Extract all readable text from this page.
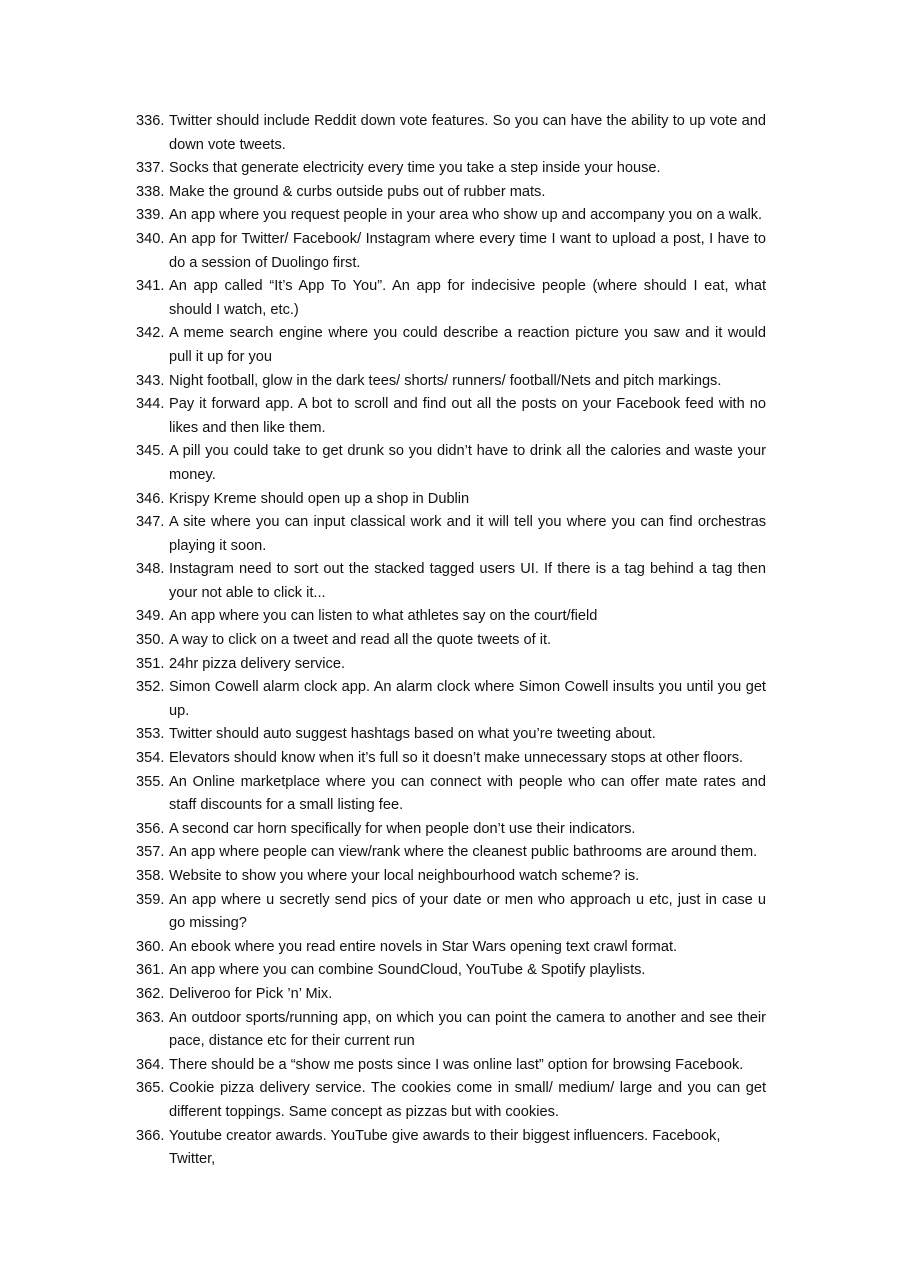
336. Twitter should include Reddit down vote features. So you can have the ability to up vote and down vote tweets.
337. Socks that generate electricity every time you take a step inside your house.
338. Make the ground & curbs outside pubs out of rubber mats.
339. An app where you request people in your area who show up and accompany you on a walk.
340. An app for Twitter/ Facebook/ Instagram where every time I want to upload a post, I have to do a session of Duolingo first.
341. An app called “It’s App To You”. An app for indecisive people (where should I eat, what should I watch, etc.)
342. A meme search engine where you could describe a reaction picture you saw and it would pull it up for you
343. Night football, glow in the dark tees/ shorts/ runners/ football/Nets and pitch markings.
344. Pay it forward app. A bot to scroll and find out all the posts on your Facebook feed with no likes and then like them.
345. A pill you could take to get drunk so you didn’t have to drink all the calories and waste your money.
346. Krispy Kreme should open up a shop in Dublin
347. A site where you can input classical work and it will tell you where you can find orchestras playing it soon.
348. Instagram need to sort out the stacked tagged users UI. If there is a tag behind a tag then your not able to click it...
349. An app where you can listen to what athletes say on the court/field
350. A way to click on a tweet and read all the quote tweets of it.
351. 24hr pizza delivery service.
352. Simon Cowell alarm clock app. An alarm clock where Simon Cowell insults you until you get up.
353. Twitter should auto suggest hashtags based on what you’re tweeting about.
354. Elevators should know when it’s full so it doesn’t make unnecessary stops at other floors.
355. An Online marketplace where you can connect with people who can offer mate rates and staff discounts for a small listing fee.
356. A second car horn specifically for when people don’t use their indicators.
357. An app where people can view/rank where the cleanest public bathrooms are around them.
358. Website to show you where your local neighbourhood watch scheme? is.
359. An app where u secretly send pics of your date or men who approach u etc, just in case u go missing?
360. An ebook where you read entire novels in Star Wars opening text crawl format.
361. An app where you can combine SoundCloud, YouTube & Spotify playlists.
362. Deliveroo for Pick ’n’ Mix.
363. An outdoor sports/running app, on which you can point the camera to another and see their pace, distance etc for their current run
364. There should be a “show me posts since I was online last” option for browsing Facebook.
365. Cookie pizza delivery service. The cookies come in small/ medium/ large and you can get different toppings. Same concept as pizzas but with cookies.
366. Youtube creator awards. YouTube give awards to their biggest influencers. Facebook, Twitter,
